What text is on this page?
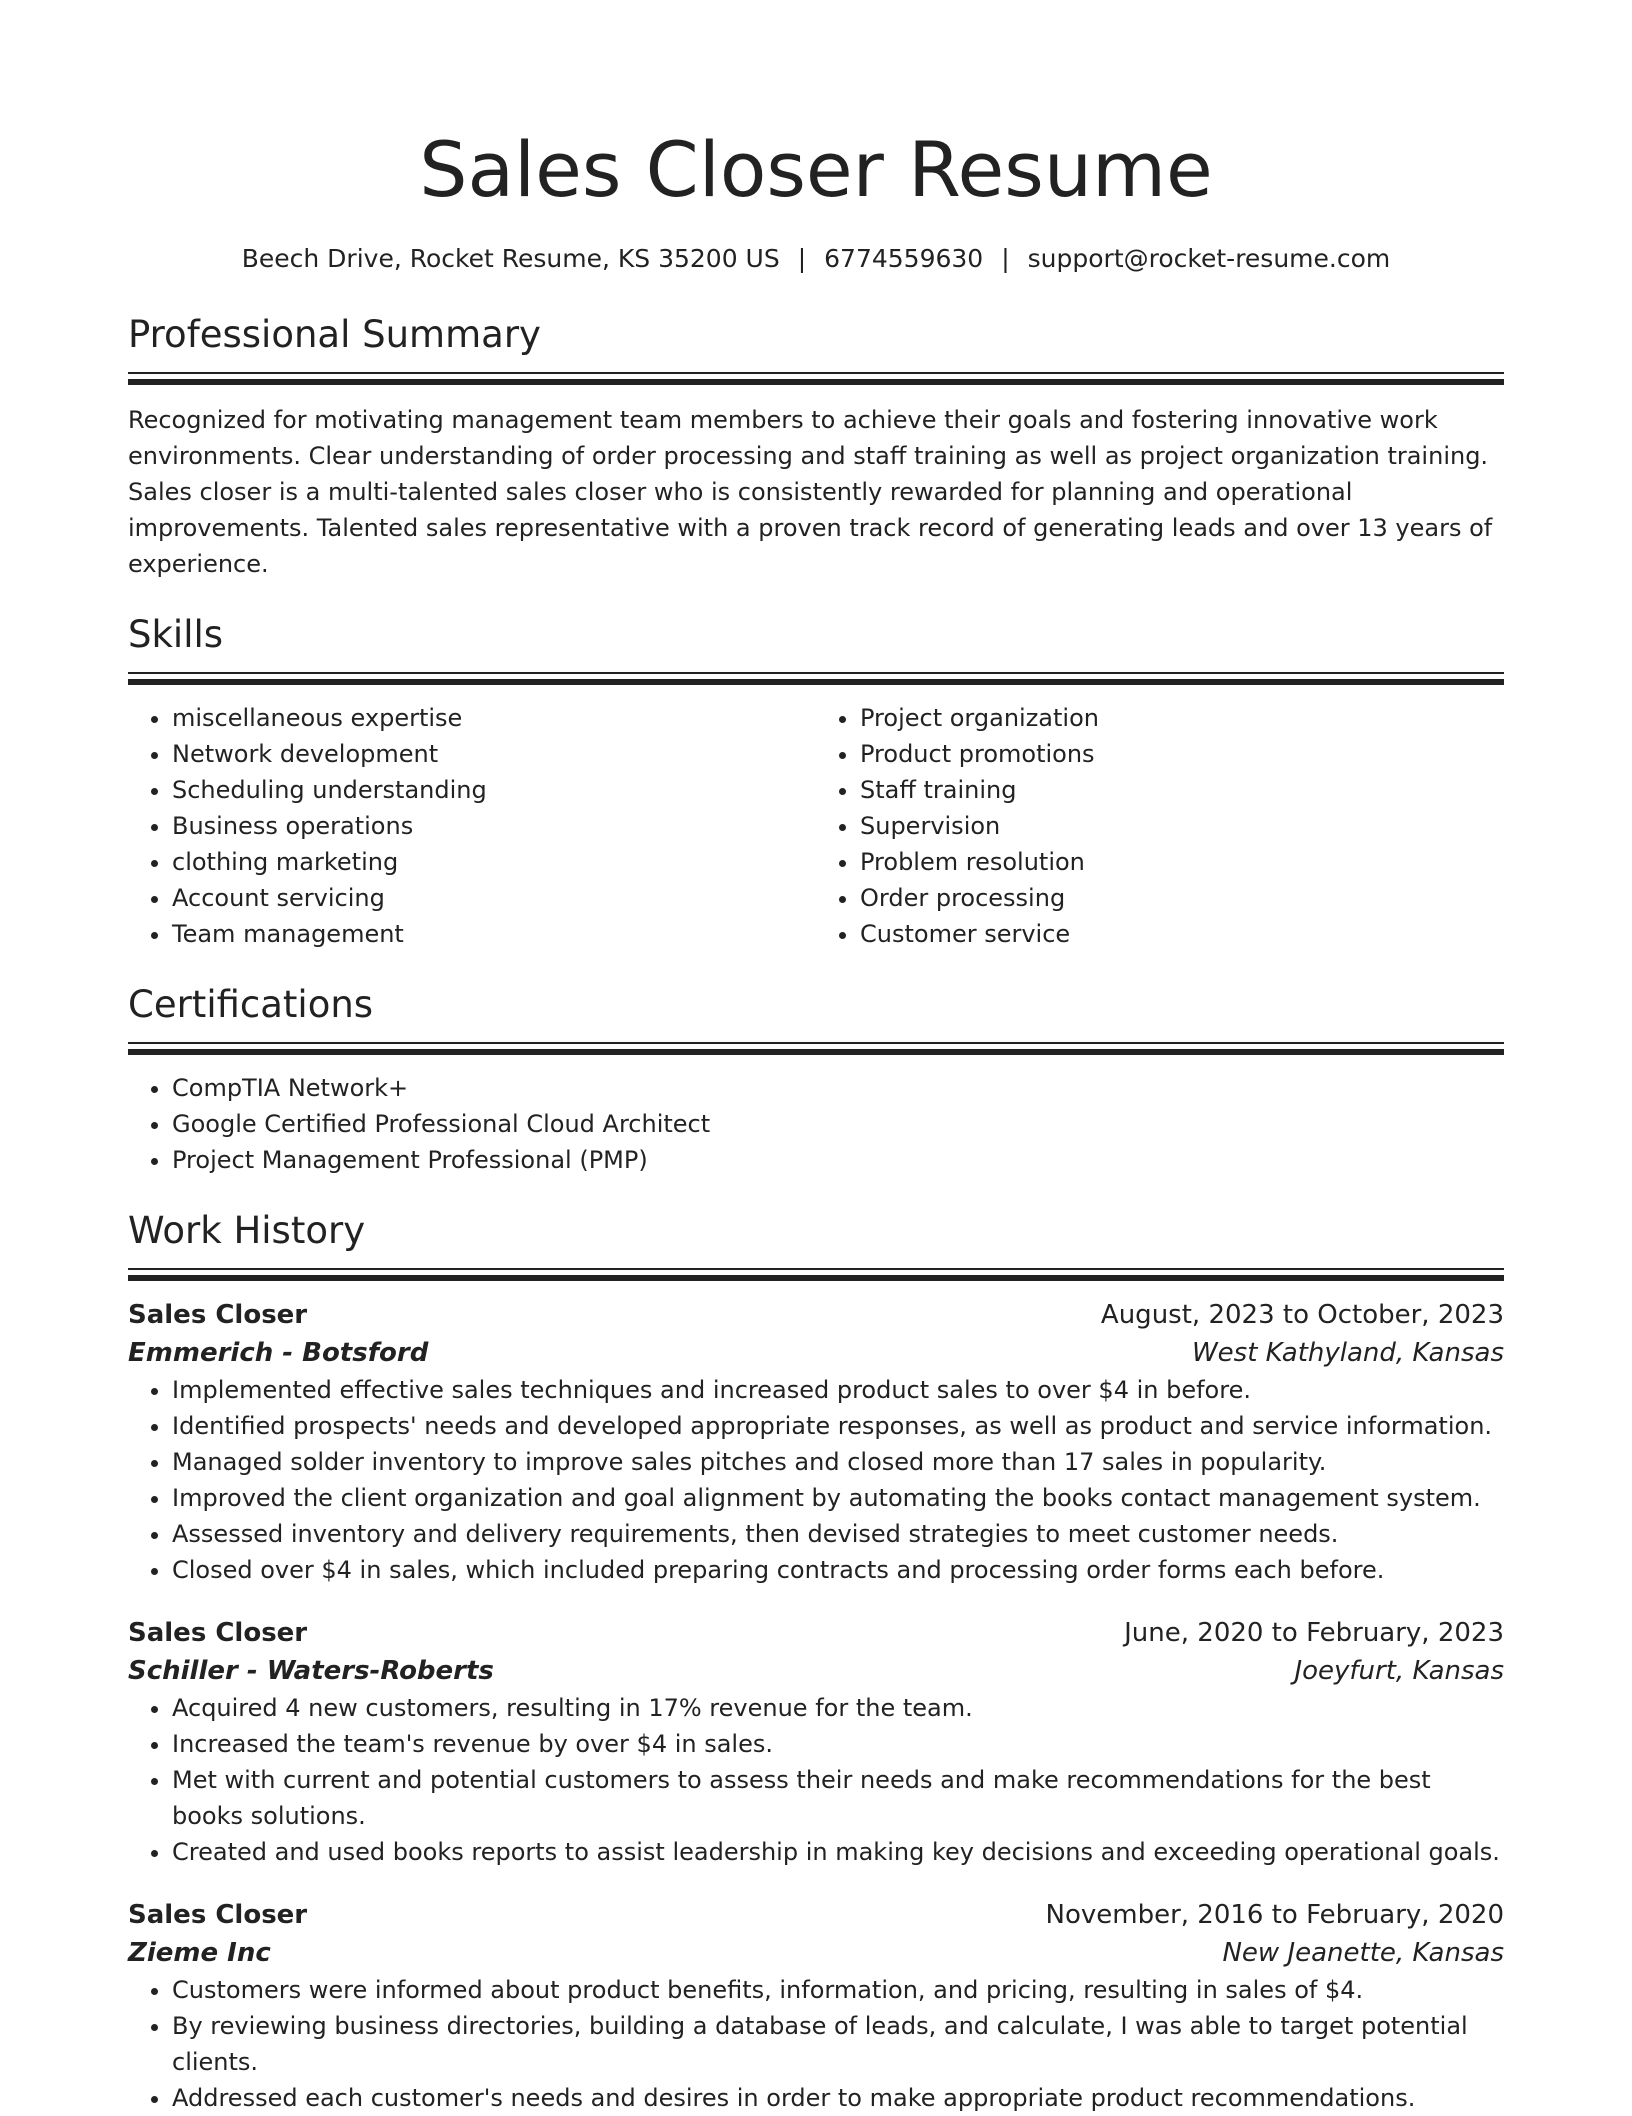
Sales Closer Resume
Beech Drive, Rocket Resume, KS 35200 US | 6774559630 | support@rocket-resume.com
Professional Summary
Recognized for motivating management team members to achieve their goals and fostering innovative work environments. Clear understanding of order processing and staff training as well as project organization training. Sales closer is a multi-talented sales closer who is consistently rewarded for planning and operational improvements. Talented sales representative with a proven track record of generating leads and over 13 years of experience.
Skills
• miscellaneous expertise
• Network development
• Scheduling understanding
• Business operations
• clothing marketing
• Account servicing
• Team management
• Project organization
• Product promotions
• Staff training
• Supervision
• Problem resolution
• Order processing
• Customer service
Certifications
• CompTIA Network+
• Google Certified Professional Cloud Architect
• Project Management Professional (PMP)
Work History
Sales Closer	August, 2023 to October, 2023
Emmerich - Botsford	West Kathyland, Kansas
• Implemented effective sales techniques and increased product sales to over $4 in before.
• Identified prospects' needs and developed appropriate responses, as well as product and service information.
• Managed solder inventory to improve sales pitches and closed more than 17 sales in popularity.
• Improved the client organization and goal alignment by automating the books contact management system.
• Assessed inventory and delivery requirements, then devised strategies to meet customer needs.
• Closed over $4 in sales, which included preparing contracts and processing order forms each before.
Sales Closer	June, 2020 to February, 2023
Schiller - Waters-Roberts	Joeyfurt, Kansas
• Acquired 4 new customers, resulting in 17% revenue for the team.
• Increased the team's revenue by over $4 in sales.
• Met with current and potential customers to assess their needs and make recommendations for the best books solutions.
• Created and used books reports to assist leadership in making key decisions and exceeding operational goals.
Sales Closer	November, 2016 to February, 2020
Zieme Inc	New Jeanette, Kansas
• Customers were informed about product benefits, information, and pricing, resulting in sales of $4.
• By reviewing business directories, building a database of leads, and calculate, I was able to target potential clients.
• Addressed each customer's needs and desires in order to make appropriate product recommendations.
